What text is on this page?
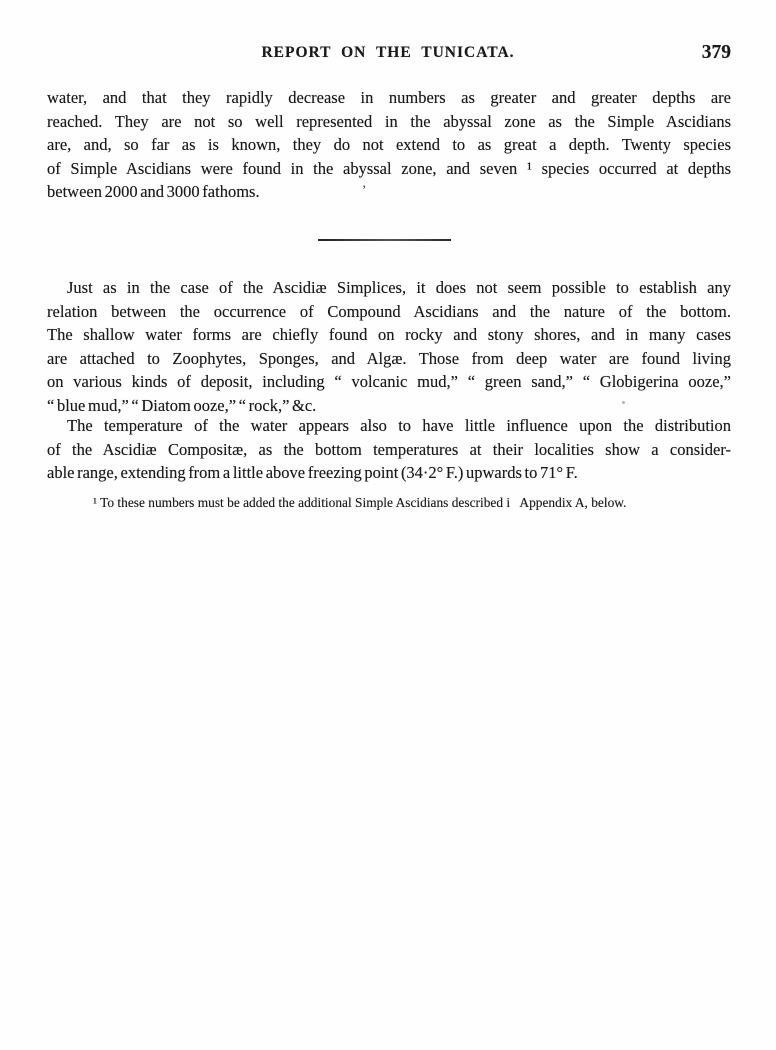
REPORT ON THE TUNICATA.	379
water, and that they rapidly decrease in numbers as greater and greater depths are
reached. They are not so well represented in the abyssal zone as the Simple Ascidians
are, and, so far as is known, they do not extend to as great a depth. Twenty species
of Simple Ascidians were found in the abyssal zone, and seven ¹ species occurred at depths
between 2000 and 3000 fathoms.	’
Just as in the case of the Ascidiæ Simplices, it does not seem possible to establish any
relation between the occurrence of Compound Ascidians and the nature of the bottom.
The shallow water forms are chiefly found on rocky and stony shores, and in many cases
are attached to Zoophytes, Sponges, and Algæ. Those from deep water are found living
on various kinds of deposit, including “ volcanic mud,” “ green sand,” “ Globigerina ooze,”
“ blue mud,” “ Diatom ooze,” “ rock,” &c.
The temperature of the water appears also to have little influence upon the distribution
of the Ascidiæ Compositæ, as the bottom temperatures at their localities show a consider-
able range, extending from a little above freezing point (34·2° F.) upwards to 71° F.
¹ To these numbers must be added the additional Simple Ascidians described i   Appendix A, below.
